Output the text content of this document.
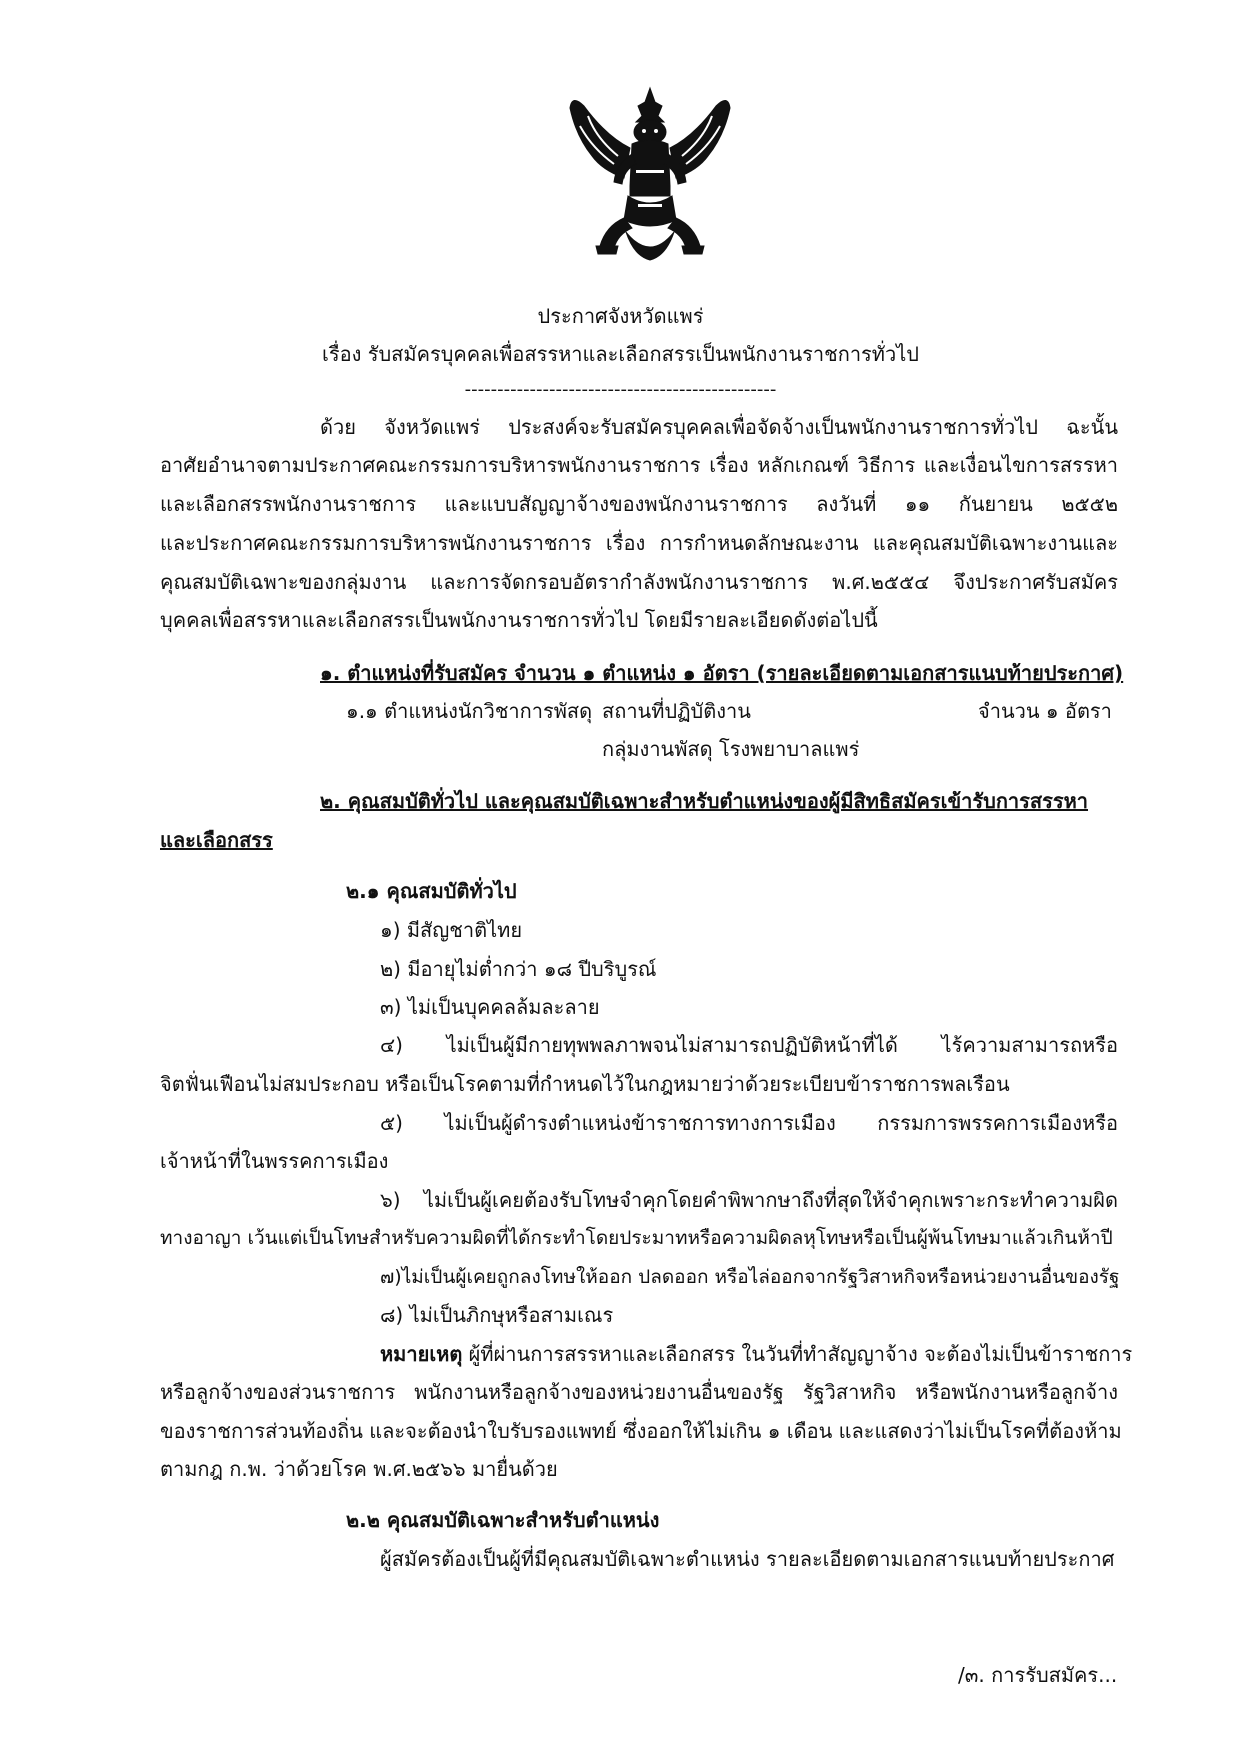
ประกาศจังหวัดแพร่
เรื่อง รับสมัครบุคคลเพื่อสรรหาและเลือกสรรเป็นพนักงานราชการทั่วไป
------------------------------------------------
ด้วย จังหวัดแพร่ ประสงค์จะรับสมัครบุคคลเพื่อจัดจ้างเป็นพนักงานราชการทั่วไป ฉะนั้น
อาศัยอำนาจตามประกาศคณะกรรมการบริหารพนักงานราชการ เรื่อง หลักเกณฑ์ วิธีการ และเงื่อนไขการสรรหา
และเลือกสรรพนักงานราชการ และแบบสัญญาจ้างของพนักงานราชการ ลงวันที่ ๑๑ กันยายน ๒๕๕๒
และประกาศคณะกรรมการบริหารพนักงานราชการ เรื่อง การกำหนดลักษณะงาน และคุณสมบัติเฉพาะงานและ
คุณสมบัติเฉพาะของกลุ่มงาน และการจัดกรอบอัตรากำลังพนักงานราชการ พ.ศ.๒๕๕๔ จึงประกาศรับสมัคร
บุคคลเพื่อสรรหาและเลือกสรรเป็นพนักงานราชการทั่วไป โดยมีรายละเอียดดังต่อไปนี้
๑. ตำแหน่งที่รับสมัคร จำนวน ๑ ตำแหน่ง ๑ อัตรา (รายละเอียดตามเอกสารแนบท้ายประกาศ)
๑.๑ ตำแหน่งนักวิชาการพัสดุ สถานที่ปฏิบัติงาน	จำนวน ๑ อัตรา
กลุ่มงานพัสดุ โรงพยาบาลแพร่
๒. คุณสมบัติทั่วไป และคุณสมบัติเฉพาะสำหรับตำแหน่งของผู้มีสิทธิสมัครเข้ารับการสรรหา
และเลือกสรร
๒.๑ คุณสมบัติทั่วไป
๑) มีสัญชาติไทย
๒) มีอายุไม่ต่ำกว่า ๑๘ ปีบริบูรณ์
๓) ไม่เป็นบุคคลล้มละลาย
๔) ไม่เป็นผู้มีกายทุพพลภาพจนไม่สามารถปฏิบัติหน้าที่ได้ ไร้ความสามารถหรือ
จิตฟั่นเฟือนไม่สมประกอบ หรือเป็นโรคตามที่กำหนดไว้ในกฎหมายว่าด้วยระเบียบข้าราชการพลเรือน
๕) ไม่เป็นผู้ดำรงตำแหน่งข้าราชการทางการเมือง กรรมการพรรคการเมืองหรือ
เจ้าหน้าที่ในพรรคการเมือง
๖) ไม่เป็นผู้เคยต้องรับโทษจำคุกโดยคำพิพากษาถึงที่สุดให้จำคุกเพราะกระทำความผิด
ทางอาญา เว้นแต่เป็นโทษสำหรับความผิดที่ได้กระทำโดยประมาทหรือความผิดลหุโทษหรือเป็นผู้พ้นโทษมาแล้วเกินห้าปี
๗)ไม่เป็นผู้เคยถูกลงโทษให้ออก ปลดออก หรือไล่ออกจากรัฐวิสาหกิจหรือหน่วยงานอื่นของรัฐ
๘) ไม่เป็นภิกษุหรือสามเณร
หมายเหตุ ผู้ที่ผ่านการสรรหาและเลือกสรร ในวันที่ทำสัญญาจ้าง จะต้องไม่เป็นข้าราชการ
หรือลูกจ้างของส่วนราชการ พนักงานหรือลูกจ้างของหน่วยงานอื่นของรัฐ รัฐวิสาหกิจ หรือพนักงานหรือลูกจ้าง
ของราชการส่วนท้องถิ่น และจะต้องนำใบรับรองแพทย์ ซึ่งออกให้ไม่เกิน ๑ เดือน และแสดงว่าไม่เป็นโรคที่ต้องห้าม
ตามกฎ ก.พ. ว่าด้วยโรค พ.ศ.๒๕๖๖ มายื่นด้วย
๒.๒ คุณสมบัติเฉพาะสำหรับตำแหน่ง
ผู้สมัครต้องเป็นผู้ที่มีคุณสมบัติเฉพาะตำแหน่ง รายละเอียดตามเอกสารแนบท้ายประกาศ
/๓. การรับสมัคร...
